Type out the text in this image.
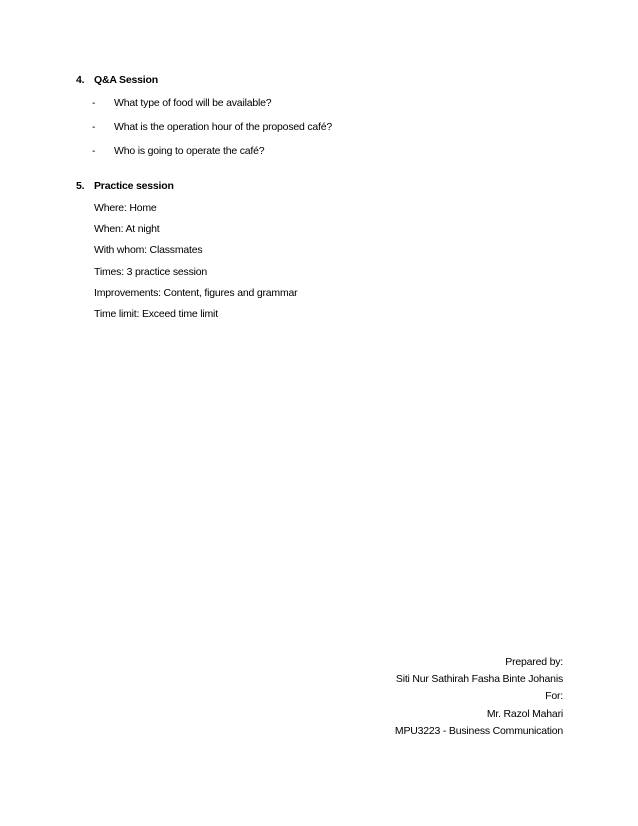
4. Q&A Session
-	What type of food will be available?
-	What is the operation hour of the proposed café?
-	Who is going to operate the café?
5. Practice session
Where: Home
When: At night
With whom: Classmates
Times: 3 practice session
Improvements: Content, figures and grammar
Time limit: Exceed time limit
Prepared by:
Siti Nur Sathirah Fasha Binte Johanis
For:
Mr. Razol Mahari
MPU3223 - Business Communication
